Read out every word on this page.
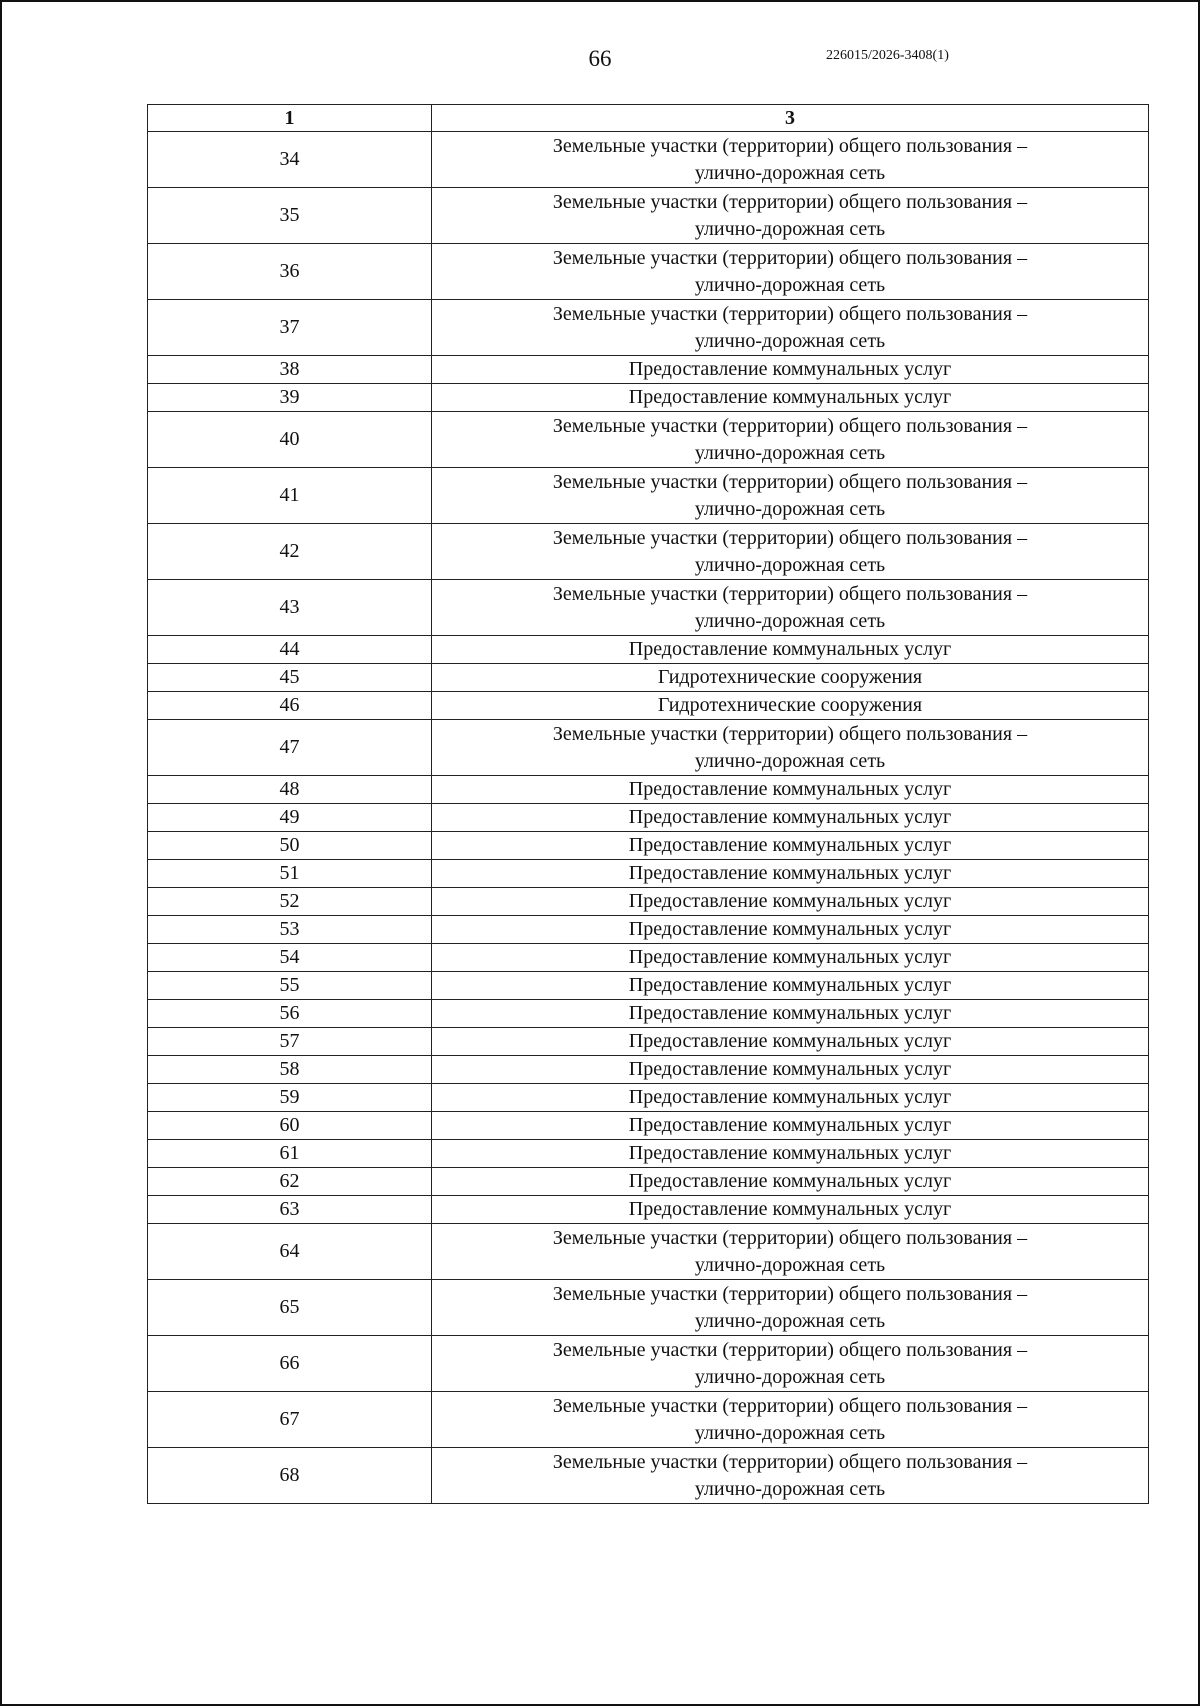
66	226015/2026-3408(1)
1	3
34	Земельные участки (территории) общего пользования –
улично-дорожная сеть

35	Земельные участки (территории) общего пользования –
улично-дорожная сеть

36	Земельные участки (территории) общего пользования –
улично-дорожная сеть

37	Земельные участки (территории) общего пользования –
улично-дорожная сеть

38	Предоставление коммунальных услуг

39	Предоставление коммунальных услуг

40	Земельные участки (территории) общего пользования –
улично-дорожная сеть

41	Земельные участки (территории) общего пользования –
улично-дорожная сеть

42	Земельные участки (территории) общего пользования –
улично-дорожная сеть

43	Земельные участки (территории) общего пользования –
улично-дорожная сеть

44	Предоставление коммунальных услуг

45	Гидротехнические сооружения

46	Гидротехнические сооружения

47	Земельные участки (территории) общего пользования –
улично-дорожная сеть

48	Предоставление коммунальных услуг

49	Предоставление коммунальных услуг

50	Предоставление коммунальных услуг

51	Предоставление коммунальных услуг

52	Предоставление коммунальных услуг

53	Предоставление коммунальных услуг

54	Предоставление коммунальных услуг

55	Предоставление коммунальных услуг

56	Предоставление коммунальных услуг

57	Предоставление коммунальных услуг

58	Предоставление коммунальных услуг

59	Предоставление коммунальных услуг

60	Предоставление коммунальных услуг

61	Предоставление коммунальных услуг

62	Предоставление коммунальных услуг

63	Предоставление коммунальных услуг

64	Земельные участки (территории) общего пользования –
улично-дорожная сеть

65	Земельные участки (территории) общего пользования –
улично-дорожная сеть

66	Земельные участки (территории) общего пользования –
улично-дорожная сеть

67	Земельные участки (территории) общего пользования –
улично-дорожная сеть

68	Земельные участки (территории) общего пользования –
улично-дорожная сеть
